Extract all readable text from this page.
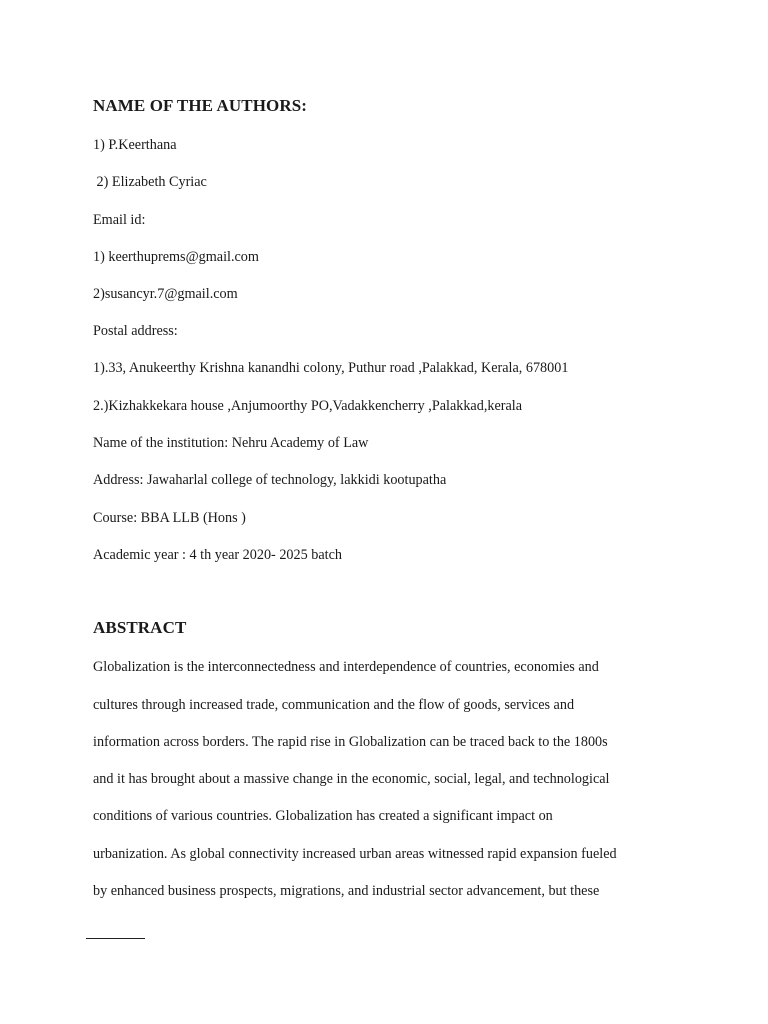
NAME OF THE AUTHORS:
1) P.Keerthana
2) Elizabeth Cyriac
Email id:
1) keerthuprems@gmail.com
2)susancyr.7@gmail.com
Postal address:
1).33, Anukeerthy Krishna kanandhi colony, Puthur road ,Palakkad, Kerala, 678001
2.)Kizhakkekara house ,Anjumoorthy PO,Vadakkencherry ,Palakkad,kerala
Name of the institution: Nehru Academy of Law
Address: Jawaharlal college of technology, lakkidi kootupatha
Course: BBA LLB (Hons )
Academic year : 4 th year 2020- 2025 batch
ABSTRACT
Globalization is the interconnectedness and interdependence of countries, economies and
cultures through increased trade, communication and the flow of goods, services and
information across borders. The rapid rise in Globalization can be traced back to the 1800s
and it has brought about a massive change in the economic, social, legal, and technological
conditions of various countries. Globalization has created a significant impact on
urbanization. As global connectivity increased urban areas witnessed rapid expansion fueled
by enhanced business prospects, migrations, and industrial sector advancement, but these
